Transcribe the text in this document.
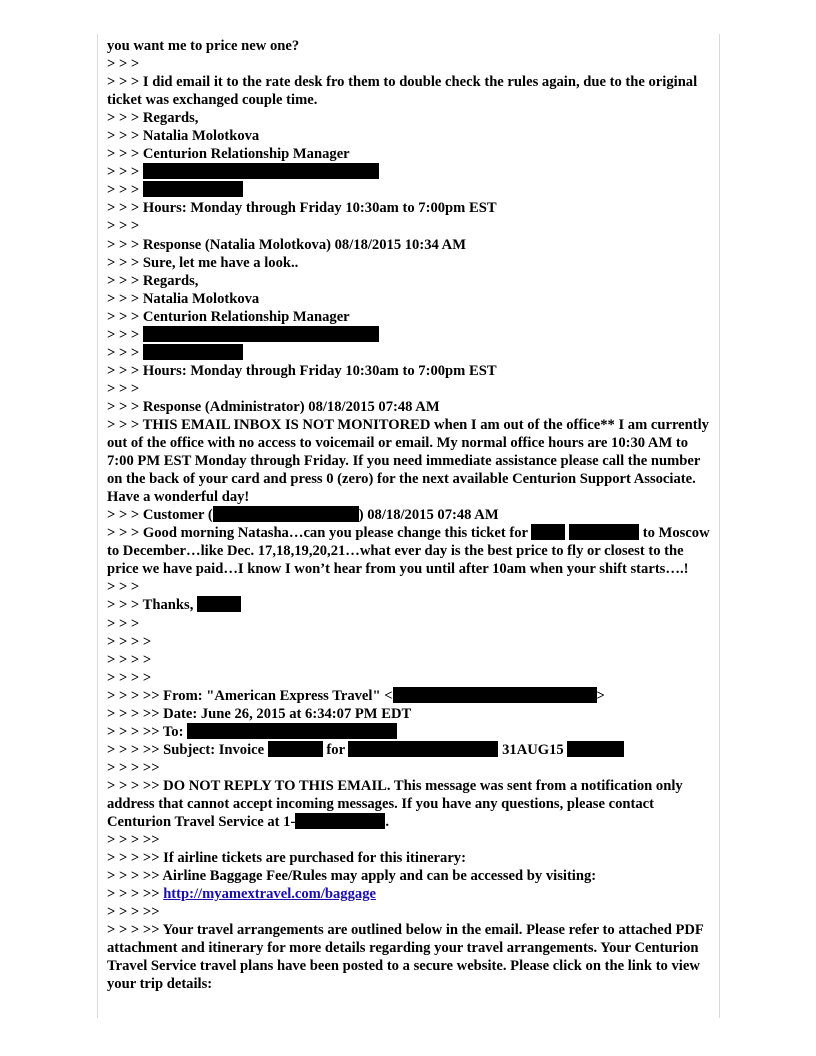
you want me to price new one?
> > >
> > > I did email it to the rate desk fro them to double check the rules again, due to the original ticket was exchanged couple time.
> > > Regards,
> > > Natalia Molotkova
> > > Centurion Relationship Manager
> > >
> > >
> > > Hours: Monday through Friday 10:30am to 7:00pm EST
> > >
> > > Response (Natalia Molotkova) 08/18/2015 10:34 AM
> > > Sure, let me have a look..
> > > Regards,
> > > Natalia Molotkova
> > > Centurion Relationship Manager
> > >
> > >
> > > Hours: Monday through Friday 10:30am to 7:00pm EST
> > >
> > > Response (Administrator) 08/18/2015 07:48 AM
> > > THIS EMAIL INBOX IS NOT MONITORED when I am out of the office** I am currently out of the office with no access to voicemail or email. My normal office hours are 10:30 AM to 7:00 PM EST Monday through Friday. If you need immediate assistance please call the number on the back of your card and press 0 (zero) for the next available Centurion Support Associate. Have a wonderful day!
> > > Customer (	) 08/18/2015 07:48 AM
> > > Good morning Natasha…can you please change this ticket for	to Moscow to December…like Dec. 17,18,19,20,21…what ever day is the best price to fly or closest to the price we have paid…I know I won’t hear from you until after 10am when your shift starts….!
> > >
> > > Thanks,
> > >
> > > >
> > > >
> > > >
> > > >> From: "American Express Travel" <	>
> > > >> Date: June 26, 2015 at 6:34:07 PM EDT
> > > >> To:
> > > >> Subject: Invoice	for	31AUG15
> > > >>
> > > >> DO NOT REPLY TO THIS EMAIL. This message was sent from a notification only address that cannot accept incoming messages. If you have any questions, please contact Centurion Travel Service at 1-	.
> > > >>
> > > >> If airline tickets are purchased for this itinerary:
> > > >> Airline Baggage Fee/Rules may apply and can be accessed by visiting:
> > > >> http://myamextravel.com/baggage
> > > >>
> > > >> Your travel arrangements are outlined below in the email. Please refer to attached PDF attachment and itinerary for more details regarding your travel arrangements. Your Centurion Travel Service travel plans have been posted to a secure website. Please click on the link to view your trip details:
